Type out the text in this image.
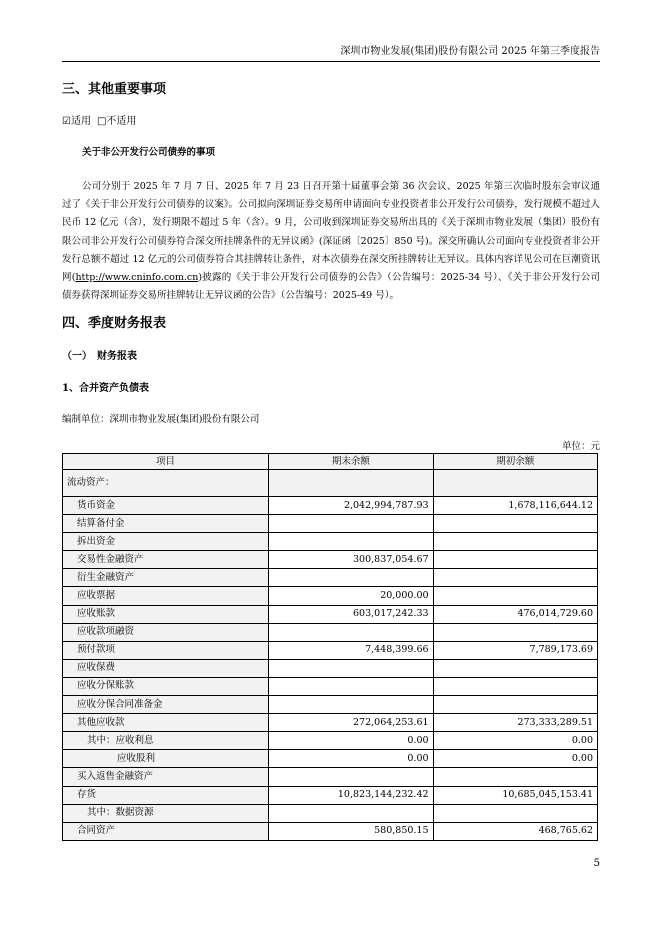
深圳市物业发展(集团)股份有限公司 2025 年第三季度报告
三、其他重要事项
☑适用 □不适用
关于非公开发行公司债券的事项
公司分别于 2025 年 7 月 7 日、2025 年 7 月 23 日召开第十届董事会第 36 次会议、2025 年第三次临时股东会审议通过了《关于非公开发行公司债券的议案》。公司拟向深圳证券交易所申请面向专业投资者非公开发行公司债券，发行规模不超过人民币 12 亿元（含），发行期限不超过 5 年（含）。9 月，公司收到深圳证券交易所出具的《关于深圳市物业发展（集团）股份有限公司非公开发行公司债券符合深交所挂牌条件的无异议函》(深证函〔2025〕850 号)。深交所确认公司面向专业投资者非公开发行总额不超过 12 亿元的公司债券符合其挂牌转让条件，对本次债券在深交所挂牌转让无异议。具体内容详见公司在巨潮资讯网(http://www.cninfo.com.cn)披露的《关于非公开发行公司债券的公告》（公告编号：2025-34 号）、《关于非公开发行公司债券获得深圳证券交易所挂牌转让无异议函的公告》（公告编号：2025-49 号）。
四、季度财务报表
（一）　财务报表
1、合并资产负债表
编制单位：深圳市物业发展(集团)股份有限公司
单位：元
项目	期末余额	期初余额
流动资产：		
货币资金	2,042,994,787.93	1,678,116,644.12
结算备付金		
拆出资金		
交易性金融资产	300,837,054.67	
衍生金融资产		
应收票据	20,000.00	
应收账款	603,017,242.33	476,014,729.60
应收款项融资		
预付款项	7,448,399.66	7,789,173.69
应收保费		
应收分保账款		
应收分保合同准备金		
其他应收款	272,064,253.61	273,333,289.51
其中：应收利息	0.00	0.00
应收股利	0.00	0.00
买入返售金融资产		
存货	10,823,144,232.42	10,685,045,153.41
其中：数据资源		
合同资产	580,850.15	468,765.62
5
